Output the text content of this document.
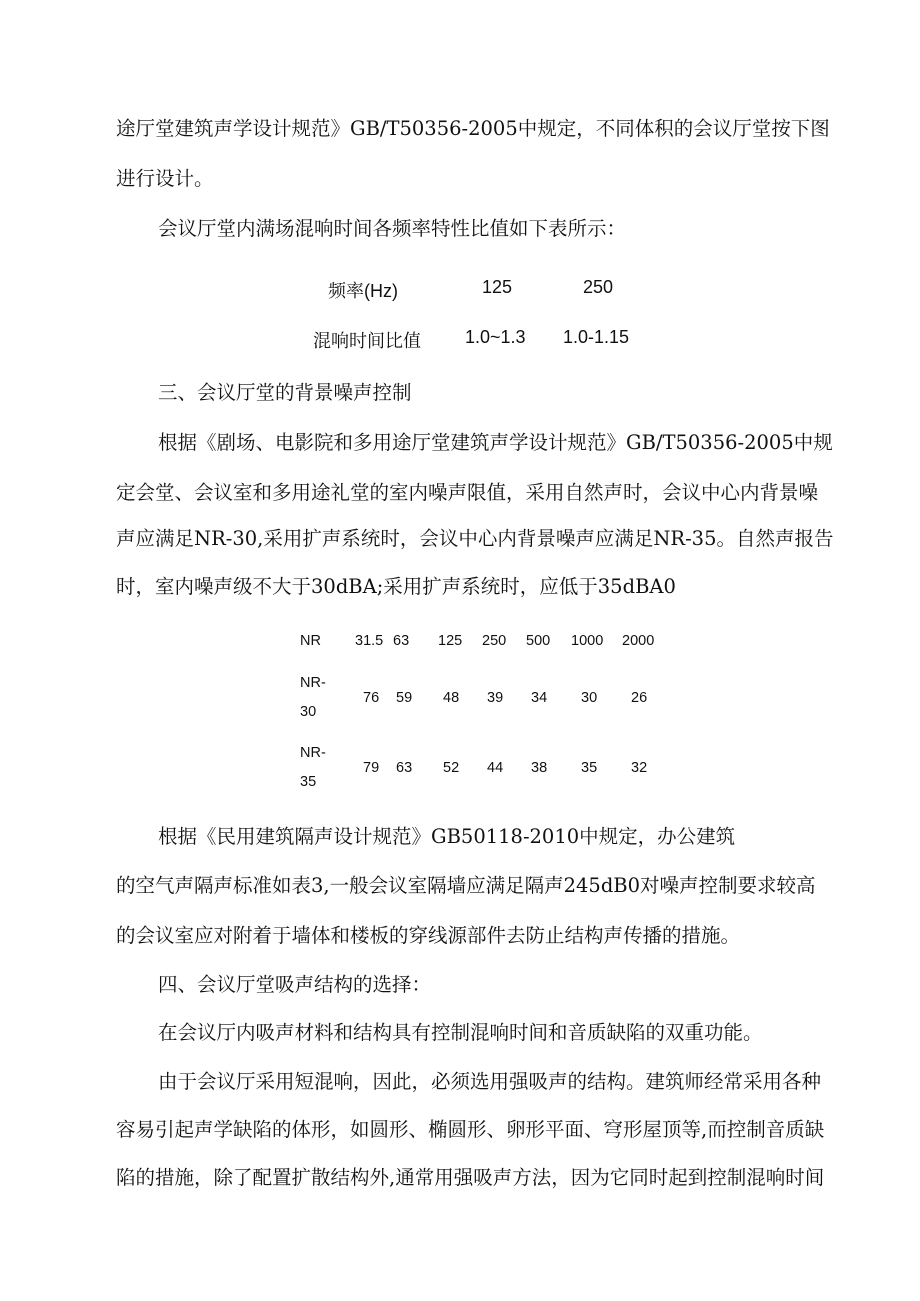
途厅堂建筑声学设计规范》GB/T50356-2005中规定，不同体积的会议厅堂按下图
进行设计。
会议厅堂内满场混响时间各频率特性比值如下表所示：
频率(Hz)	125	250
混响时间比值 1.0~1.3 1.0-1.15
三、会议厅堂的背景噪声控制
根据《剧场、电影院和多用途厅堂建筑声学设计规范》GB/T50356-2005中规
定会堂、会议室和多用途礼堂的室内噪声限值，采用自然声时，会议中心内背景噪
声应满足NR-30,采用扩声系统时，会议中心内背景噪声应满足NR-35。自然声报告
时，室内噪声级不大于30dBA;采用扩声系统时，应低于35dBA0
NR 31.5 63 125 250 500 1000 2000
NR-
30
76 59 48 39 34 30 26
NR-
35
79 63 52 44 38 35 32
根据《民用建筑隔声设计规范》GB50118-2010中规定，办公建筑
的空气声隔声标准如表3,一般会议室隔墙应满足隔声245dB0对噪声控制要求较高
的会议室应对附着于墙体和楼板的穿线源部件去防止结构声传播的措施。
四、会议厅堂吸声结构的选择：
在会议厅内吸声材料和结构具有控制混响时间和音质缺陷的双重功能。
由于会议厅采用短混响，因此，必须选用强吸声的结构。建筑师经常采用各种
容易引起声学缺陷的体形，如圆形、椭圆形、卵形平面、穹形屋顶等,而控制音质缺
陷的措施，除了配置扩散结构外,通常用强吸声方法，因为它同时起到控制混响时间
